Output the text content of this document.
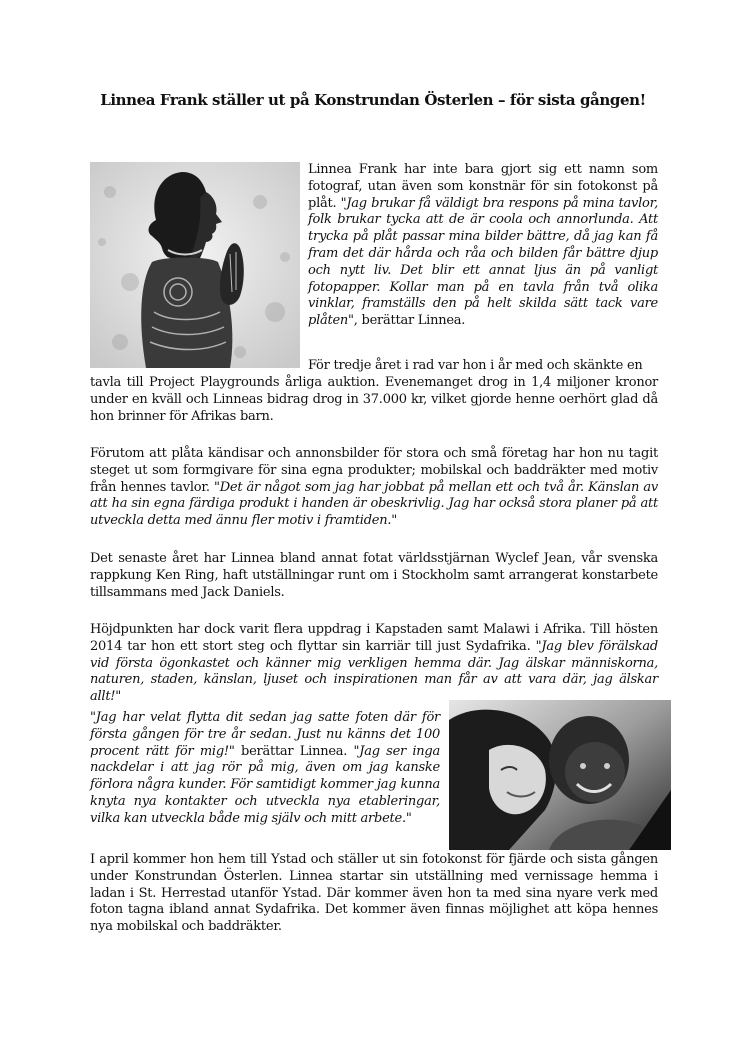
Linnea Frank ställer ut på Konstrundan Österlen – för sista gången!

Linnea Frank har inte bara gjort sig ett namn som fotograf, utan även som konstnär för sin fotokonst på plåt. "Jag brukar få väldigt bra respons på mina tavlor, folk brukar tycka att de är coola och annorlunda. Att trycka på plåt passar mina bilder bättre, då jag kan få fram det där hårda och råa och bilden får bättre djup och nytt liv. Det blir ett annat ljus än på vanligt fotopapper. Kollar man på en tavla från två olika vinklar, framställs den på helt skilda sätt tack vare plåten", berättar Linnea.

För tredje året i rad var hon i år med och skänkte en

tavla till Project Playgrounds årliga auktion. Evenemanget drog in 1,4 miljoner kronor under en kväll och Linneas bidrag drog in 37.000 kr, vilket gjorde henne oerhört glad då hon brinner för Afrikas barn.

Förutom att plåta kändisar och annonsbilder för stora och små företag har hon nu tagit steget ut som formgivare för sina egna produkter; mobilskal och baddräkter med motiv från hennes tavlor. "Det är något som jag har jobbat på mellan ett och två år. Känslan av att ha sin egna färdiga produkt i handen är obeskrivlig. Jag har också stora planer på att utveckla detta med ännu fler motiv i framtiden."

Det senaste året har Linnea bland annat fotat världsstjärnan Wyclef Jean, vår svenska rappkung Ken Ring, haft utställningar runt om i Stockholm samt arrangerat konstarbete tillsammans med Jack Daniels.

Höjdpunkten har dock varit flera uppdrag i Kapstaden samt Malawi i Afrika. Till hösten 2014 tar hon ett stort steg och flyttar sin karriär till just Sydafrika. "Jag blev förälskad vid första ögonkastet och känner mig verkligen hemma där. Jag älskar människorna, naturen, staden, känslan, ljuset och inspirationen man får av att vara där, jag älskar allt!"

"Jag har velat flytta dit sedan jag satte foten där för första gången för tre år sedan. Just nu känns det 100 procent rätt för mig!" berättar Linnea. "Jag ser inga nackdelar i att jag rör på mig, även om jag kanske förlora några kunder. För samtidigt kommer jag kunna knyta nya kontakter och utveckla nya etableringar, vilka kan utveckla både mig själv och mitt arbete."

I april kommer hon hem till Ystad och ställer ut sin fotokonst för fjärde och sista gången under Konstrundan Österlen. Linnea startar sin utställning med vernissage hemma i ladan i St. Herrestad utanför Ystad. Där kommer även hon ta med sina nyare verk med foton tagna ibland annat Sydafrika. Det kommer även finnas möjlighet att köpa hennes nya mobilskal och baddräkter.
